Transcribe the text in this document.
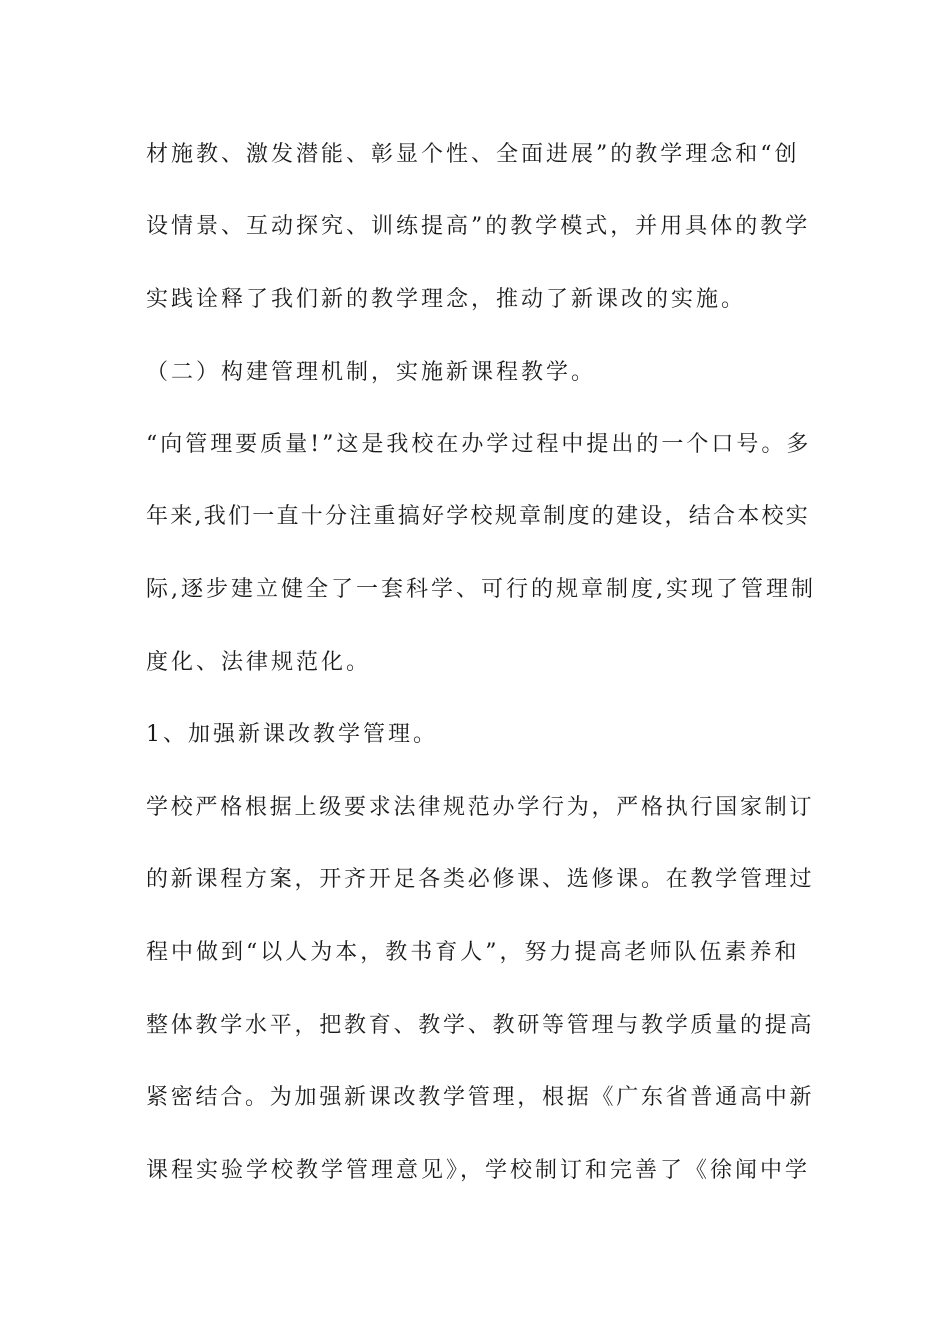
材施教、激发潜能、彰显个性、全面进展”的教学理念和“创
设情景、互动探究、训练提高”的教学模式，并用具体的教学
实践诠释了我们新的教学理念，推动了新课改的实施。
（二）构建管理机制，实施新课程教学。
“向管理要质量!”这是我校在办学过程中提出的一个口号。多
年来,我们一直十分注重搞好学校规章制度的建设，结合本校实
际,逐步建立健全了一套科学、可行的规章制度,实现了管理制
度化、法律规范化。
1、加强新课改教学管理。
学校严格根据上级要求法律规范办学行为，严格执行国家制订
的新课程方案，开齐开足各类必修课、选修课。在教学管理过
程中做到“以人为本，教书育人”，努力提高老师队伍素养和
整体教学水平，把教育、教学、教研等管理与教学质量的提高
紧密结合。为加强新课改教学管理，根据《广东省普通高中新
课程实验学校教学管理意见》，学校制订和完善了《徐闻中学
